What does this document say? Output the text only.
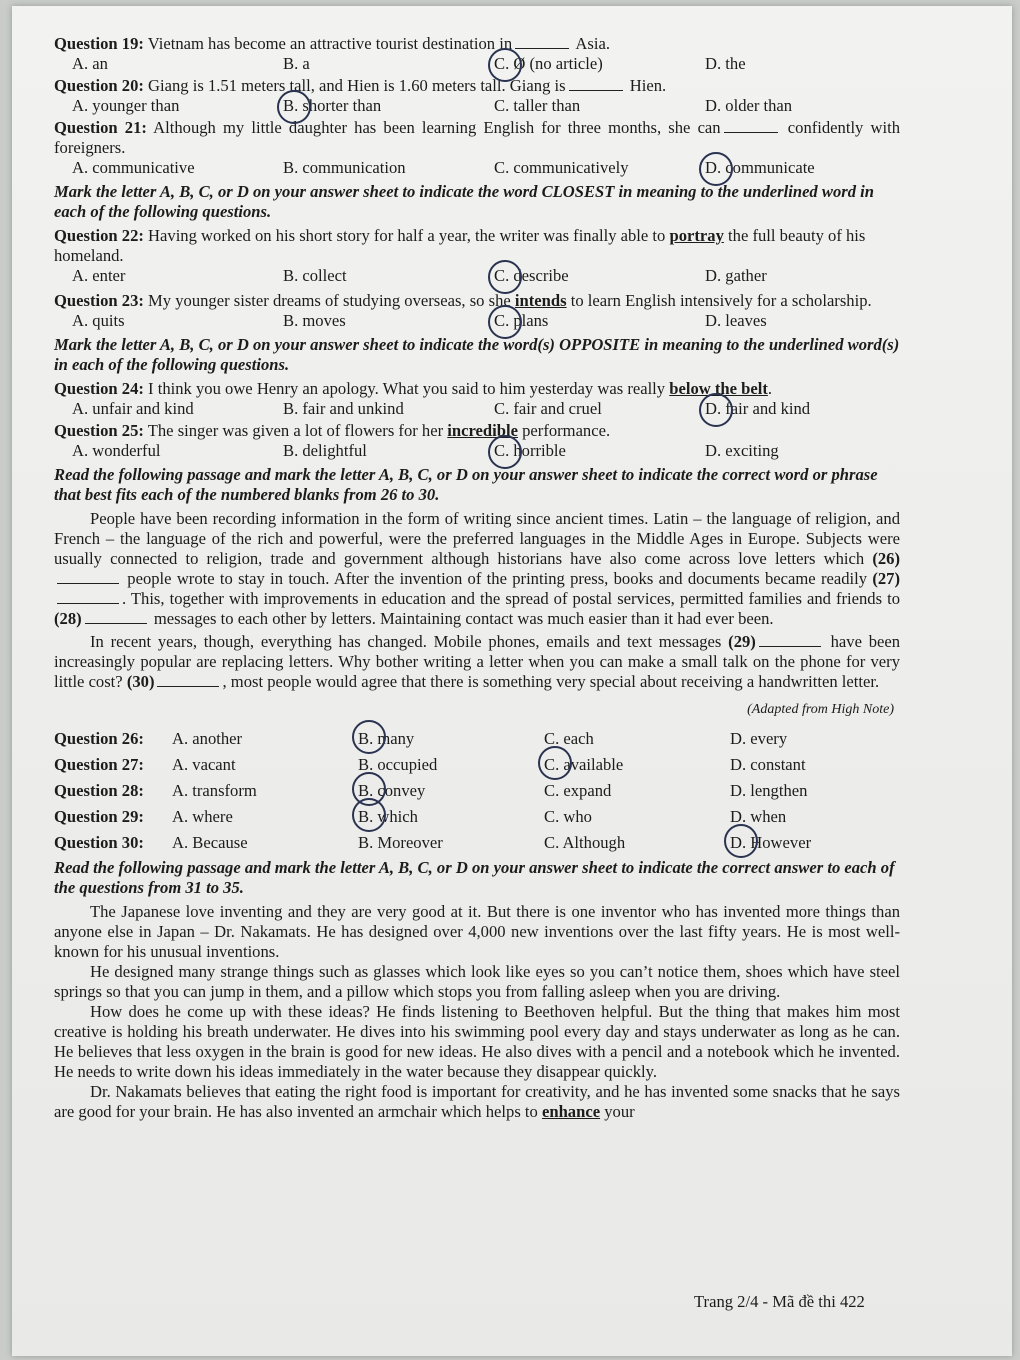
Question 19: Vietnam has become an attractive tourist destination in	Asia.

A. an	B. a	C. Ø (no article)	D. the

Question 20: Giang is 1.51 meters tall, and Hien is 1.60 meters tall. Giang is	Hien.

A. younger than	B. shorter than	C. taller than	D. older than

Question 21: Although my little daughter has been learning English for three months, she can	confidently with foreigners.

A. communicative	B. communication	C. communicatively	D. communicate

Mark the letter A, B, C, or D on your answer sheet to indicate the word CLOSEST in meaning to the underlined word in each of the following questions.

Question 22: Having worked on his short story for half a year, the writer was finally able to portray the full beauty of his homeland.

A. enter	B. collect	C. describe	D. gather

Question 23: My younger sister dreams of studying overseas, so she intends to learn English intensively for a scholarship.

A. quits	B. moves	C. plans	D. leaves

Mark the letter A, B, C, or D on your answer sheet to indicate the word(s) OPPOSITE in meaning to the underlined word(s) in each of the following questions.

Question 24: I think you owe Henry an apology. What you said to him yesterday was really below the belt.

A. unfair and kind	B. fair and unkind	C. fair and cruel	D. fair and kind

Question 25: The singer was given a lot of flowers for her incredible performance.

A. wonderful	B. delightful	C. horrible	D. exciting

Read the following passage and mark the letter A, B, C, or D on your answer sheet to indicate the correct word or phrase that best fits each of the numbered blanks from 26 to 30.

People have been recording information in the form of writing since ancient times. Latin – the language of religion, and French – the language of the rich and powerful, were the preferred languages in the Middle Ages in Europe. Subjects were usually connected to religion, trade and government although historians have also come across love letters which (26) people wrote to stay in touch. After the invention of the printing press, books and documents became readily (27). This, together with improvements in education and the spread of postal services, permitted families and friends to (28)	messages to each other by letters. Maintaining contact was much easier than it had ever been.

In recent years, though, everything has changed. Mobile phones, emails and text messages (29)	have been increasingly popular are replacing letters. Why bother writing a letter when you can make a small talk on the phone for very little cost? (30)	, most people would agree that there is something very special about receiving a handwritten letter.

(Adapted from High Note)

Question 26:	A. another	B. many	C. each	D. every
Question 27:	A. vacant	B. occupied	C. available	D. constant
Question 28:	A. transform	B. convey	C. expand	D. lengthen
Question 29:	A. where	B. which	C. who	D. when
Question 30:	A. Because	B. Moreover	C. Although	D. However

Read the following passage and mark the letter A, B, C, or D on your answer sheet to indicate the correct answer to each of the questions from 31 to 35.

The Japanese love inventing and they are very good at it. But there is one inventor who has invented more things than anyone else in Japan – Dr. Nakamats. He has designed over 4,000 new inventions over the last fifty years. He is most well-known for his unusual inventions.

He designed many strange things such as glasses which look like eyes so you can’t notice them, shoes which have steel springs so that you can jump in them, and a pillow which stops you from falling asleep when you are driving.

How does he come up with these ideas? He finds listening to Beethoven helpful. But the thing that makes him most creative is holding his breath underwater. He dives into his swimming pool every day and stays underwater as long as he can. He believes that less oxygen in the brain is good for new ideas. He also dives with a pencil and a notebook which he invented. He needs to write down his ideas immediately in the water because they disappear quickly.

Dr. Nakamats believes that eating the right food is important for creativity, and he has invented some snacks that he says are good for your brain. He has also invented an armchair which helps to enhance your

Trang 2/4 - Mã đề thi 422
